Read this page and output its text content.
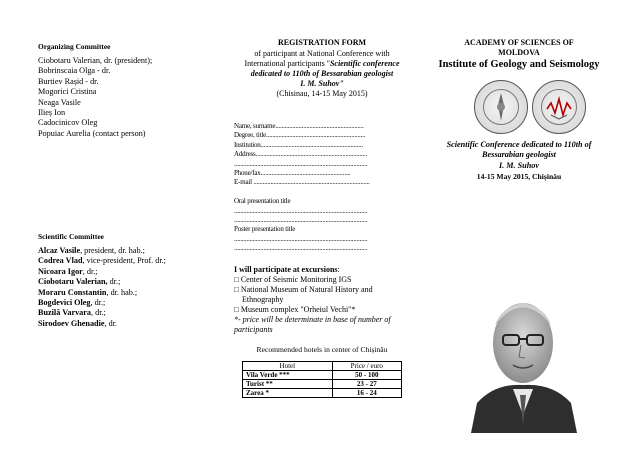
Organizing Committee
Ciobotaru Valerian, dr. (president);
Bobrinscaia Olga - dr.
Burtiev Rașid - dr.
Mogorici Cristina
Neaga Vasile
Ilieș Ion
Cadocinicov Oleg
Popuiac Aurelia (contact person)
Scientific Committee
Alcaz Vasile, president, dr. hab.;
Codrea Vlad, vice-president, Prof. dr.;
Nicoara Igor, dr.;
Ciobotaru Valerian, dr.;
Moraru Constantin, dr. hab.;
Bogdevici Oleg, dr.;
Buzilă Varvara, dr.;
Sirodoev Ghenadie, dr.
REGISTRATION FORM
of participant at National Conference with
International participants "Scientific conference dedicated to 110th of Bessarabian geologist
I. M. Suhov"
(Chisinau, 14-15 May 2015)
Name, surname.........................................................
Degree, title................................................................
Institution..................................................................
Address........................................................................
......................................................................................
Phone/fax..........................................................
E-mail ...........................................................................

Oral presentation title
......................................................................................
......................................................................................
Poster presentation title
......................................................................................
......................................................................................
I will participate at excursions:
□ Center of Seismic Monitoring IGS
□ National Museum of Natural History and Ethnography
□ Museum complex "Orheiul Vechi"*
*- price will be determinate in base of number of participants
Recommended hotels in center of Chișinău
Hotel	Price / euro
Vila Verde ***	50 - 100
Turist **	23 - 27
Zarea *	16 - 24
ACADEMY OF SCIENCES OF
MOLDOVA
Institute of Geology and Seismology
Scientific Conference dedicated to 110th of Bessarabian geologist
I. M. Suhov
14-15 May 2015, Chișinău
